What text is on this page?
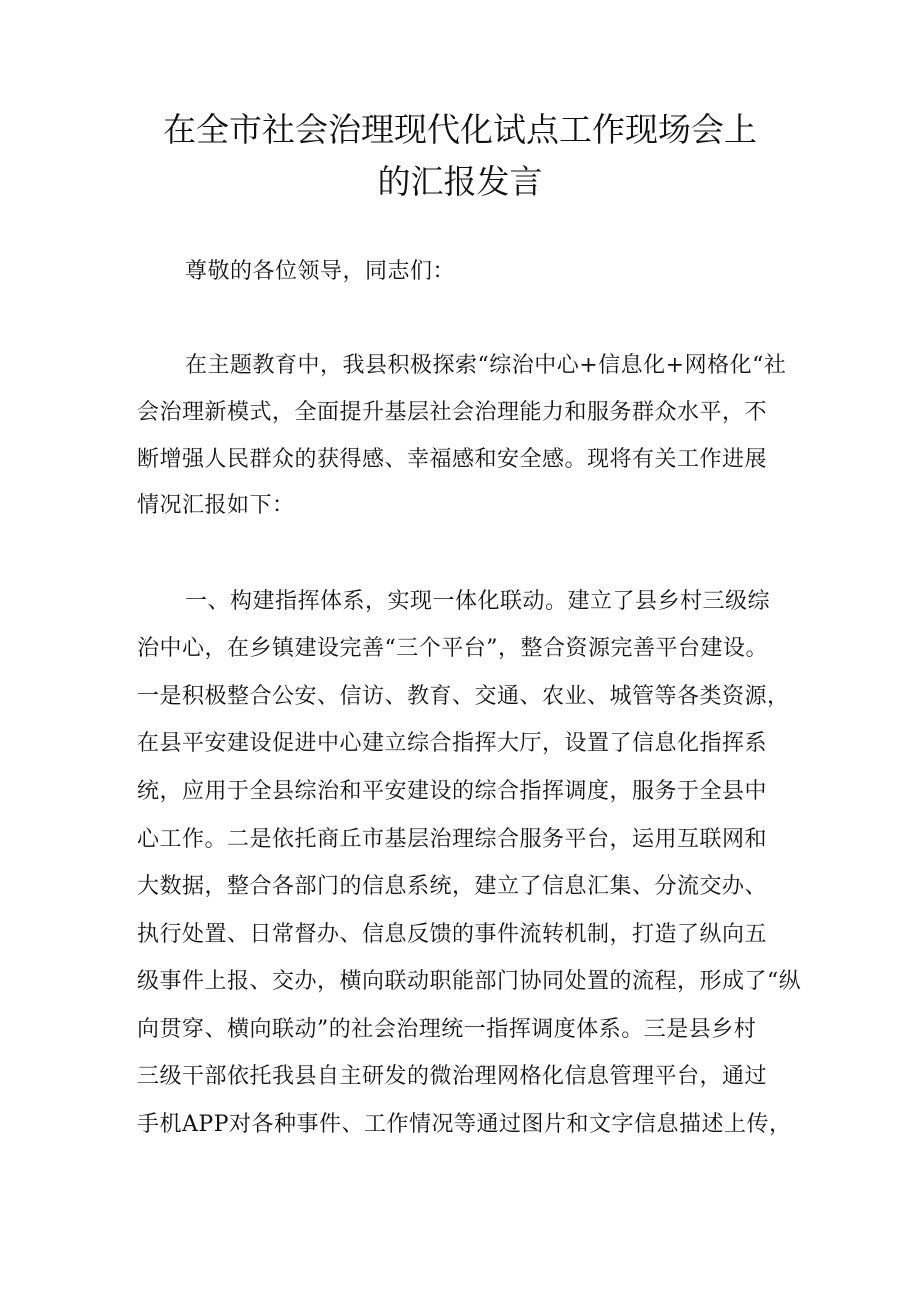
在全市社会治理现代化试点工作现场会上
的汇报发言
尊敬的各位领导，同志们：
在主题教育中，我县积极探索“综治中心+信息化+网格化“社
会治理新模式，全面提升基层社会治理能力和服务群众水平，不
断增强人民群众的获得感、幸福感和安全感。现将有关工作进展
情况汇报如下：
一、构建指挥体系，实现一体化联动。建立了县乡村三级综
治中心，在乡镇建设完善“三个平台”，整合资源完善平台建设。
一是积极整合公安、信访、教育、交通、农业、城管等各类资源，
在县平安建设促进中心建立综合指挥大厅，设置了信息化指挥系
统，应用于全县综治和平安建设的综合指挥调度，服务于全县中
心工作。二是依托商丘市基层治理综合服务平台，运用互联网和
大数据，整合各部门的信息系统，建立了信息汇集、分流交办、
执行处置、日常督办、信息反馈的事件流转机制，打造了纵向五
级事件上报、交办，横向联动职能部门协同处置的流程，形成了“纵
向贯穿、横向联动”的社会治理统一指挥调度体系。三是县乡村
三级干部依托我县自主研发的微治理网格化信息管理平台，通过
手机APP对各种事件、工作情况等通过图片和文字信息描述上传，
